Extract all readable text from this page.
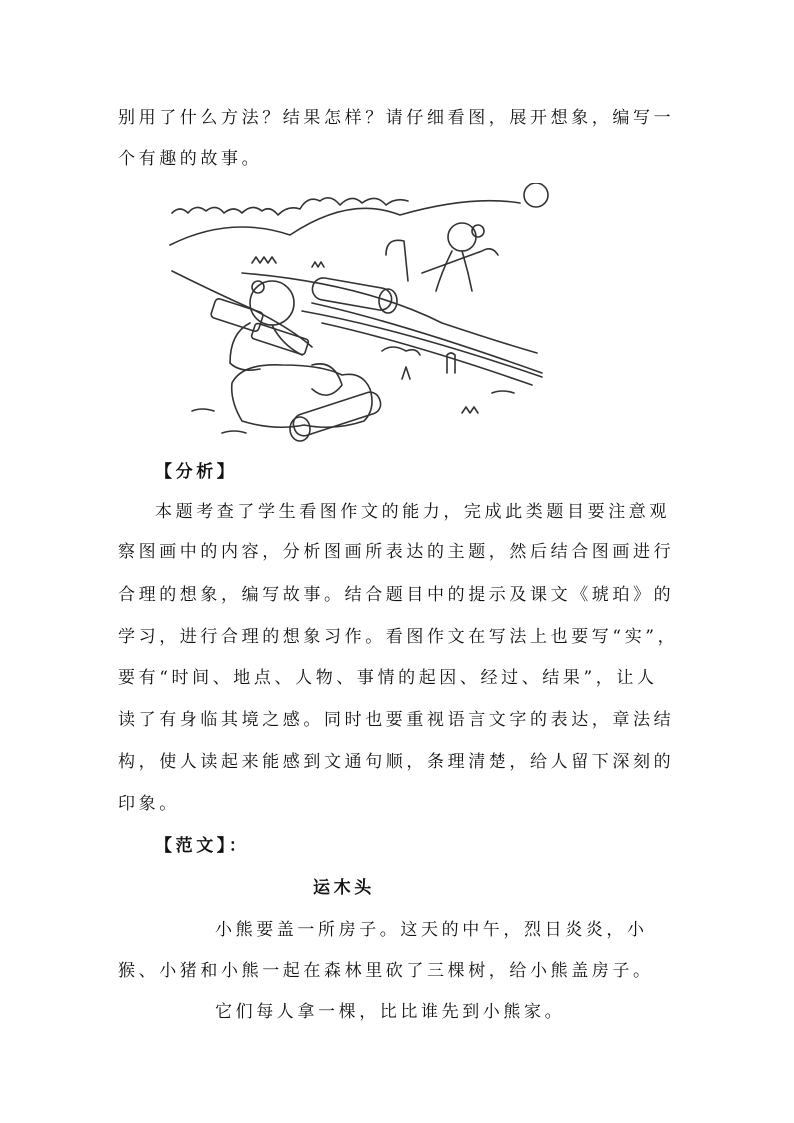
别用了什么方法？结果怎样？请仔细看图，展开想象，编写一
个有趣的故事。
【分析】
本题考查了学生看图作文的能力，完成此类题目要注意观
察图画中的内容，分析图画所表达的主题，然后结合图画进行
合理的想象，编写故事。结合题目中的提示及课文《琥珀》的
学习，进行合理的想象习作。看图作文在写法上也要写“实”，
要有“时间、地点、人物、事情的起因、经过、结果”，让人
读了有身临其境之感。同时也要重视语言文字的表达，章法结
构，使人读起来能感到文通句顺，条理清楚，给人留下深刻的
印象。
【范文】：
运木头
小熊要盖一所房子。这天的中午，烈日炎炎，小
猴、小猪和小熊一起在森林里砍了三棵树，给小熊盖房子。
它们每人拿一棵，比比谁先到小熊家。
